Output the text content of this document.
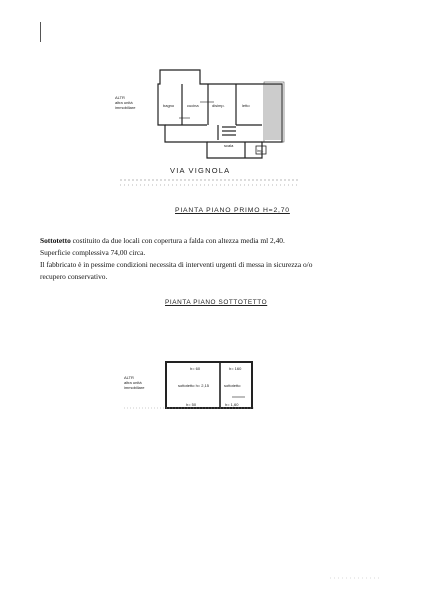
ALTR
altra unità
immobiliare	bagno	cucina	disimp.	letto
scala
ing.
VIA VIGNOLA
PIANTA PIANO PRIMO H=2,70

Sottotetto costituito da due locali con copertura a falda con altezza media ml 2,40.

Superficie complessiva 74,00 circa.

Il fabbricato è in pessime condizioni necessita di interventi urgenti di messa in sicurezza o/o

recupero conservativo.

PIANTA PIANO SOTTOTETTO
ALTR
altra unità
immobiliare
h= 60	h= 160
sottotetto h= 2,15	sottotetto
h= 50	h= 1,60
